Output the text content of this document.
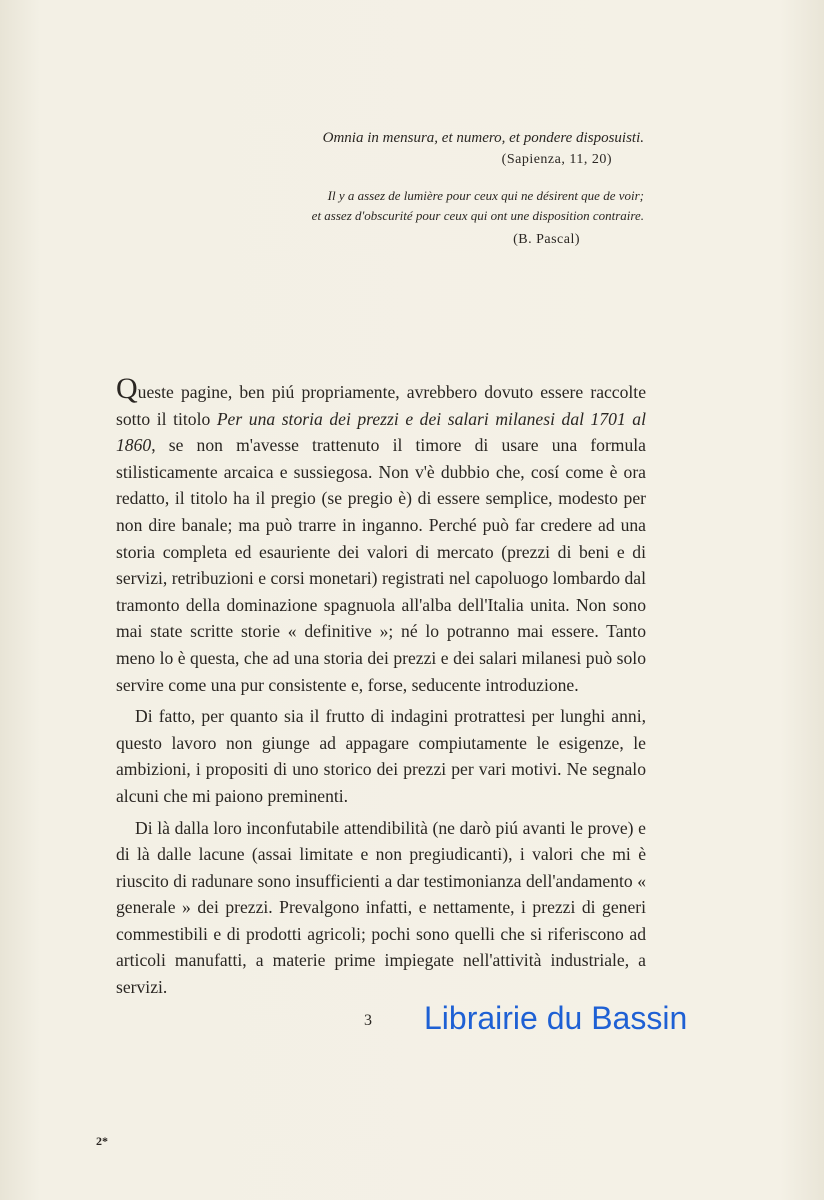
Omnia in mensura, et numero, et pondere disposuisti.
(Sapienza, 11, 20)
Il y a assez de lumière pour ceux qui ne désirent que de voir;
et assez d'obscurité pour ceux qui ont une disposition contraire.
(B. Pascal)

Queste pagine, ben piú propriamente, avrebbero dovuto essere raccolte sotto il titolo Per una storia dei prezzi e dei salari milanesi dal 1701 al 1860, se non m'avesse trattenuto il timore di usare una formula stilisticamente arcaica e sussiegosa. Non v'è dubbio che, cosí come è ora redatto, il titolo ha il pregio (se pregio è) di essere semplice, modesto per non dire banale; ma può trarre in inganno. Perché può far credere ad una storia completa ed esauriente dei valori di mercato (prezzi di beni e di servizi, retribuzioni e corsi monetari) registrati nel capoluogo lombardo dal tramonto della dominazione spagnuola all'alba dell'Italia unita. Non sono mai state scritte storie « definitive »; né lo potranno mai essere. Tanto meno lo è questa, che ad una storia dei prezzi e dei salari milanesi può solo servire come una pur consistente e, forse, seducente introduzione.

Di fatto, per quanto sia il frutto di indagini protrattesi per lunghi anni, questo lavoro non giunge ad appagare compiutamente le esigenze, le ambizioni, i propositi di uno storico dei prezzi per vari motivi. Ne segnalo alcuni che mi paiono preminenti.

Di là dalla loro inconfutabile attendibilità (ne darò piú avanti le prove) e di là dalle lacune (assai limitate e non pregiudicanti), i valori che mi è riuscito di radunare sono insufficienti a dar testimonianza dell'andamento « generale » dei prezzi. Prevalgono infatti, e nettamente, i prezzi di generi commestibili e di prodotti agricoli; pochi sono quelli che si riferiscono ad articoli manufatti, a materie prime impiegate nell'attività industriale, a servizi.

3
2*
Librairie du Bassin
